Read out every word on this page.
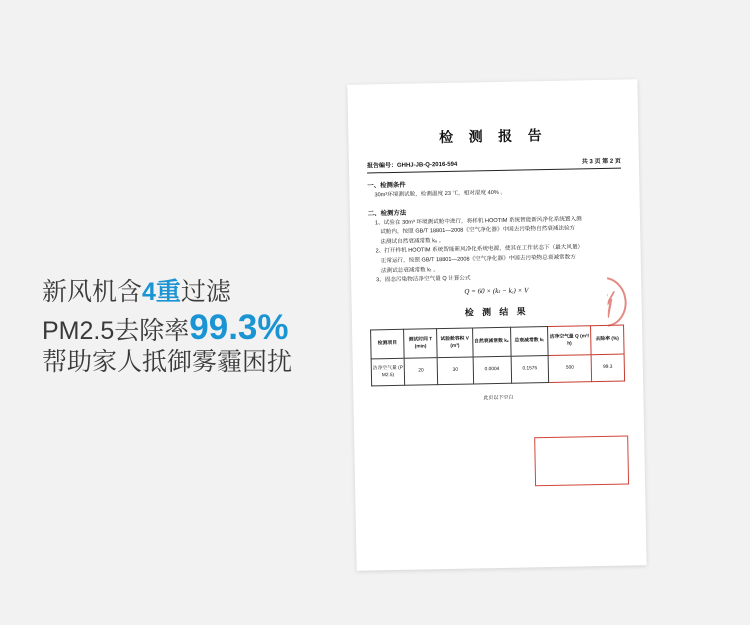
新风机含4重过滤
PM2.5去除率99.3%
帮助家人抵御雾霾困扰
检 测 报 告
报告编号：GHHJ-JB-Q-2016-594	共 3 页 第 2 页
一、检测条件
30m³环境测试舱，检测温度 23 ℃，相对湿度 40% 。
二、检测方法
1、试验在 30m³ 环境测试舱中进行，将样机 HOOTIM 系统智能新风净化系统置入测
试舱内，按照 GB/T 18801—2008《空气净化器》中国去污染物自然衰减法验方
法测试自然衰减常数 kₑ 。
2、打开样机 HOOTIM 系统智能新风净化系统电源，使其在工作状态下（最大风量）
正常运行，按照 GB/T 18801—2008《空气净化器》中国去污染物总衰减常数方
法测试总衰减常数 kₜ 。
3、固态污染物洁净空气量 Q 计算公式
Q = 60 × (kₜ − kₑ) × V
检 测 结 果
检测项目	测试时间 T (min)	试验舱容积 V (m³)	自然衰减常数 kₑ	总衰减常数 kₜ	洁净空气量 Q (m³/h)	去除率 (%)
洁净空气量 (PM2.5)	20	30	0.0004	0.1575	500	99.3
此页以下空白
